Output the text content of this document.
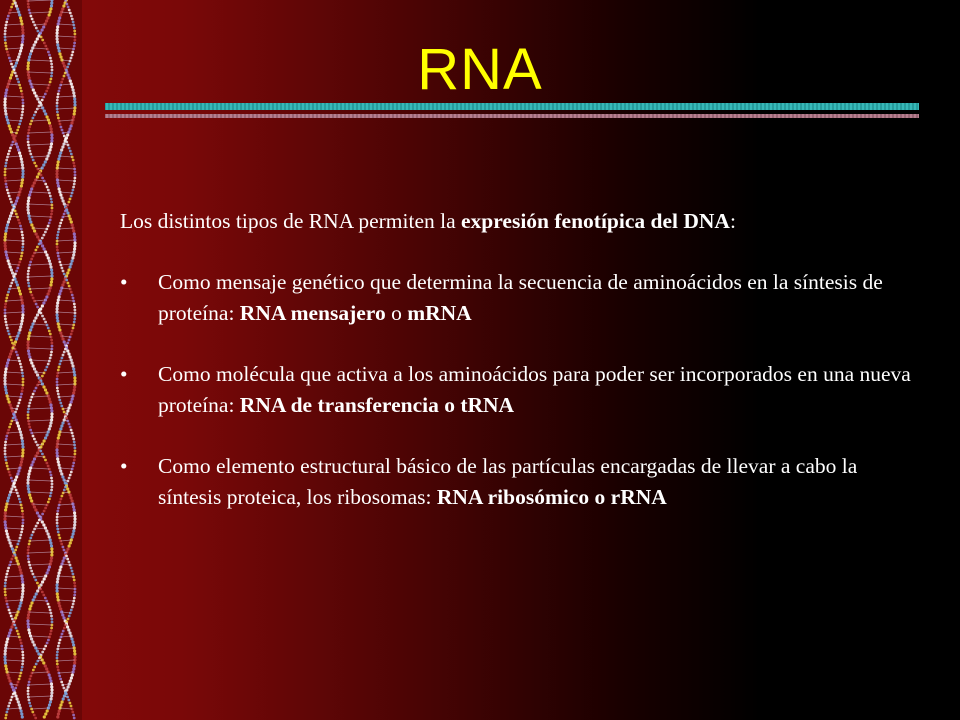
RNA

Los distintos tipos de RNA permiten la expresión fenotípica del DNA:

• Como mensaje genético que determina la secuencia de aminoácidos en la síntesis de proteína: RNA mensajero o mRNA
• Como molécula que activa a los aminoácidos para poder ser incorporados en una nueva proteína: RNA de transferencia o tRNA
• Como elemento estructural básico de las partículas encargadas de llevar a cabo la síntesis proteica, los ribosomas: RNA ribosómico o rRNA
